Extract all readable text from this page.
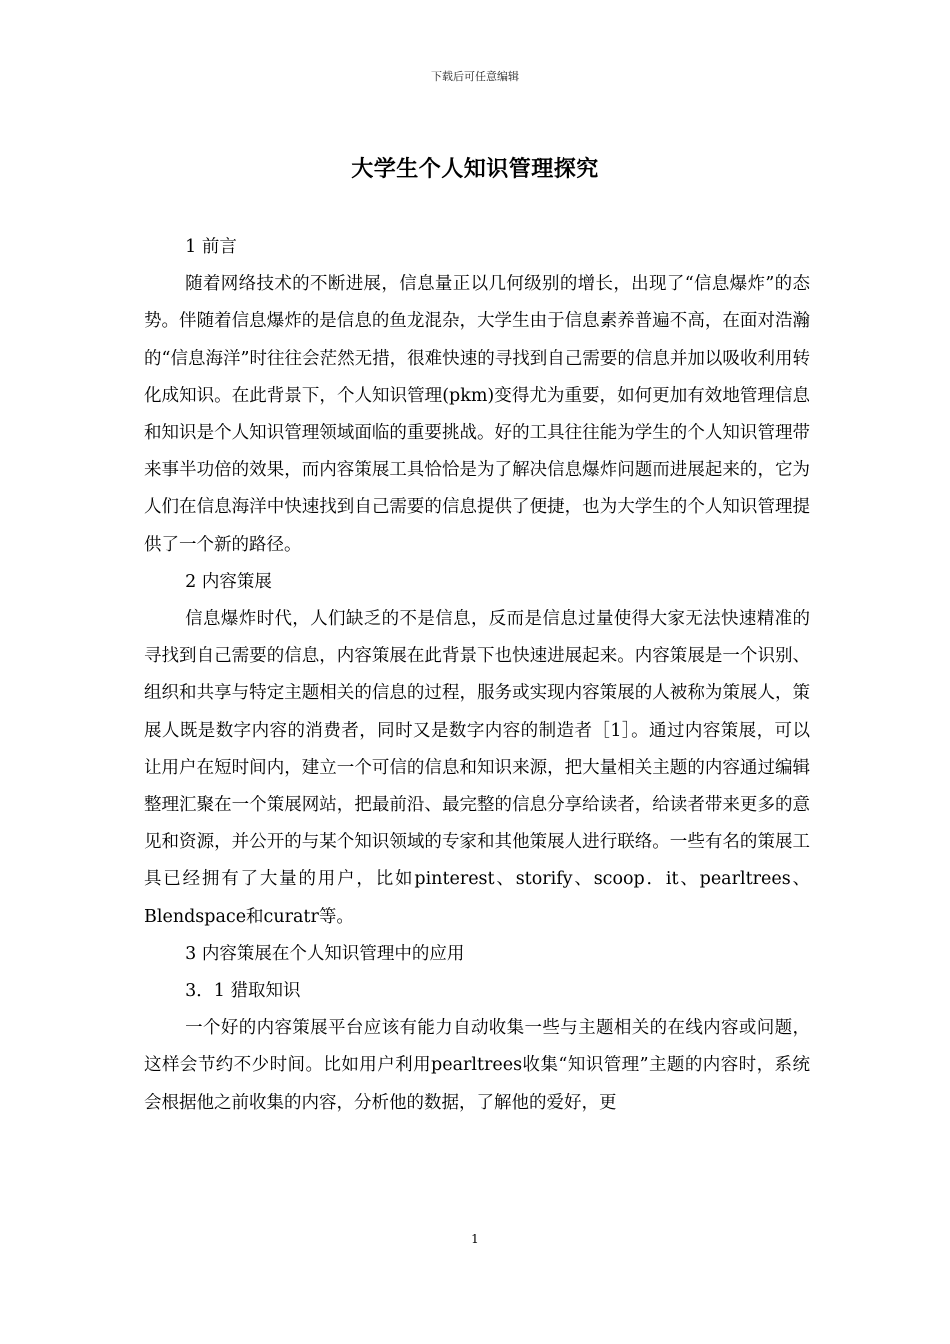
下载后可任意编辑
大学生个人知识管理探究

1 前言

随着网络技术的不断进展，信息量正以几何级别的增长，出现了“信息爆炸”的态势。伴随着信息爆炸的是信息的鱼龙混杂，大学生由于信息素养普遍不高，在面对浩瀚的“信息海洋”时往往会茫然无措，很难快速的寻找到自己需要的信息并加以吸收利用转化成知识。在此背景下，个人知识管理(pkm)变得尤为重要，如何更加有效地管理信息和知识是个人知识管理领域面临的重要挑战。好的工具往往能为学生的个人知识管理带来事半功倍的效果，而内容策展工具恰恰是为了解决信息爆炸问题而进展起来的，它为人们在信息海洋中快速找到自己需要的信息提供了便捷，也为大学生的个人知识管理提供了一个新的路径。

2 内容策展

信息爆炸时代，人们缺乏的不是信息，反而是信息过量使得大家无法快速精准的寻找到自己需要的信息，内容策展在此背景下也快速进展起来。内容策展是一个识别、组织和共享与特定主题相关的信息的过程，服务或实现内容策展的人被称为策展人，策展人既是数字内容的消费者，同时又是数字内容的制造者［1］。通过内容策展，可以让用户在短时间内，建立一个可信的信息和知识来源，把大量相关主题的内容通过编辑整理汇聚在一个策展网站，把最前沿、最完整的信息分享给读者，给读者带来更多的意见和资源，并公开的与某个知识领域的专家和其他策展人进行联络。一些有名的策展工具已经拥有了大量的用户，比如pinterest、storify、scoop．it、pearltrees、Blendspace和curatr等。

3 内容策展在个人知识管理中的应用

3．1 猎取知识

一个好的内容策展平台应该有能力自动收集一些与主题相关的在线内容或问题，这样会节约不少时间。比如用户利用pearltrees收集“知识管理”主题的内容时，系统会根据他之前收集的内容，分析他的数据，了解他的爱好，更

1
